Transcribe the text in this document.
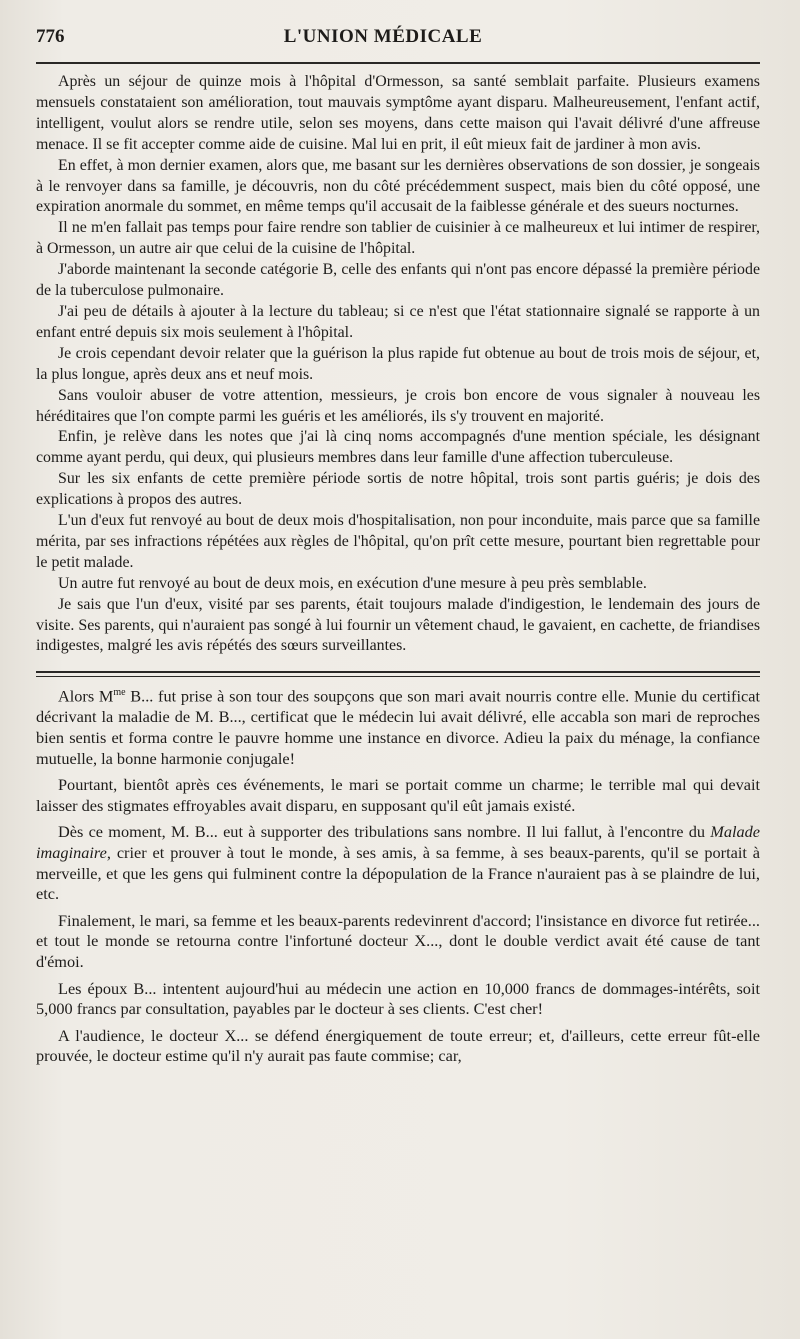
776	L'UNION MÉDICALE

Après un séjour de quinze mois à l'hôpital d'Ormesson, sa santé semblait parfaite. Plusieurs examens mensuels constataient son amélioration, tout mauvais symptôme ayant disparu. Malheureusement, l'enfant actif, intelligent, voulut alors se rendre utile, selon ses moyens, dans cette maison qui l'avait délivré d'une affreuse menace. Il se fit accepter comme aide de cuisine. Mal lui en prit, il eût mieux fait de jardiner à mon avis.

En effet, à mon dernier examen, alors que, me basant sur les dernières observations de son dossier, je songeais à le renvoyer dans sa famille, je découvris, non du côté précédemment suspect, mais bien du côté opposé, une expiration anormale du sommet, en même temps qu'il accusait de la faiblesse générale et des sueurs nocturnes.

Il ne m'en fallait pas temps pour faire rendre son tablier de cuisinier à ce malheureux et lui intimer de respirer, à Ormesson, un autre air que celui de la cuisine de l'hôpital.

J'aborde maintenant la seconde catégorie B, celle des enfants qui n'ont pas encore dépassé la première période de la tuberculose pulmonaire.

J'ai peu de détails à ajouter à la lecture du tableau; si ce n'est que l'état stationnaire signalé se rapporte à un enfant entré depuis six mois seulement à l'hôpital.

Je crois cependant devoir relater que la guérison la plus rapide fut obtenue au bout de trois mois de séjour, et, la plus longue, après deux ans et neuf mois.

Sans vouloir abuser de votre attention, messieurs, je crois bon encore de vous signaler à nouveau les héréditaires que l'on compte parmi les guéris et les améliorés, ils s'y trouvent en majorité.

Enfin, je relève dans les notes que j'ai là cinq noms accompagnés d'une mention spéciale, les désignant comme ayant perdu, qui deux, qui plusieurs membres dans leur famille d'une affection tuberculeuse.

Sur les six enfants de cette première période sortis de notre hôpital, trois sont partis guéris; je dois des explications à propos des autres.

L'un d'eux fut renvoyé au bout de deux mois d'hospitalisation, non pour inconduite, mais parce que sa famille mérita, par ses infractions répétées aux règles de l'hôpital, qu'on prît cette mesure, pourtant bien regrettable pour le petit malade.

Un autre fut renvoyé au bout de deux mois, en exécution d'une mesure à peu près semblable.

Je sais que l'un d'eux, visité par ses parents, était toujours malade d'indigestion, le lendemain des jours de visite. Ses parents, qui n'auraient pas songé à lui fournir un vêtement chaud, le gavaient, en cachette, de friandises indigestes, malgré les avis répétés des sœurs surveillantes.

Alors $M^{me}$ B... fut prise à son tour des soupçons que son mari avait nourris contre elle. Munie du certificat décrivant la maladie de M. B..., certificat que le médecin lui avait délivré, elle accabla son mari de reproches bien sentis et forma contre le pauvre homme une instance en divorce. Adieu la paix du ménage, la confiance mutuelle, la bonne harmonie conjugale!

Pourtant, bientôt après ces événements, le mari se portait comme un charme; le terrible mal qui devait laisser des stigmates effroyables avait disparu, en supposant qu'il eût jamais existé.

Dès ce moment, M. B... eut à supporter des tribulations sans nombre. Il lui fallut, à l'encontre du Malade imaginaire, crier et prouver à tout le monde, à ses amis, à sa femme, à ses beaux-parents, qu'il se portait à merveille, et que les gens qui fulminent contre la dépopulation de la France n'auraient pas à se plaindre de lui, etc.

Finalement, le mari, sa femme et les beaux-parents redevinrent d'accord; l'insistance en divorce fut retirée... et tout le monde se retourna contre l'infortuné docteur X..., dont le double verdict avait été cause de tant d'émoi.

Les époux B... intentent aujourd'hui au médecin une action en 10,000 francs de dommages-intérêts, soit 5,000 francs par consultation, payables par le docteur à ses clients. C'est cher!

A l'audience, le docteur X... se défend énergiquement de toute erreur; et, d'ailleurs, cette erreur fût-elle prouvée, le docteur estime qu'il n'y aurait pas faute commise; car,
